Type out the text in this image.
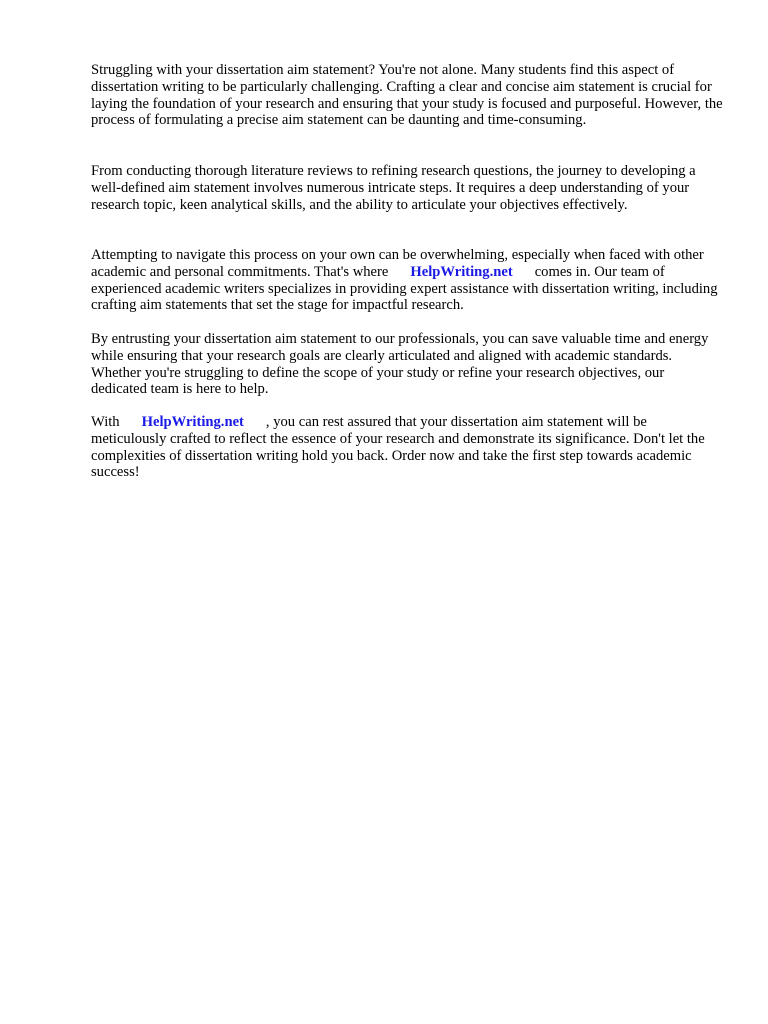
Struggling with your dissertation aim statement? You're not alone. Many students find this aspect of dissertation writing to be particularly challenging. Crafting a clear and concise aim statement is crucial for laying the foundation of your research and ensuring that your study is focused and purposeful. However, the process of formulating a precise aim statement can be daunting and time-consuming.

From conducting thorough literature reviews to refining research questions, the journey to developing a well-defined aim statement involves numerous intricate steps. It requires a deep understanding of your research topic, keen analytical skills, and the ability to articulate your objectives effectively.

Attempting to navigate this process on your own can be overwhelming, especially when faced with other academic and personal commitments. That's where HelpWriting.net comes in. Our team of experienced academic writers specializes in providing expert assistance with dissertation writing, including crafting aim statements that set the stage for impactful research.

By entrusting your dissertation aim statement to our professionals, you can save valuable time and energy while ensuring that your research goals are clearly articulated and aligned with academic standards. Whether you're struggling to define the scope of your study or refine your research objectives, our dedicated team is here to help.

With HelpWriting.net , you can rest assured that your dissertation aim statement will be meticulously crafted to reflect the essence of your research and demonstrate its significance. Don't let the complexities of dissertation writing hold you back. Order now and take the first step towards academic success!
